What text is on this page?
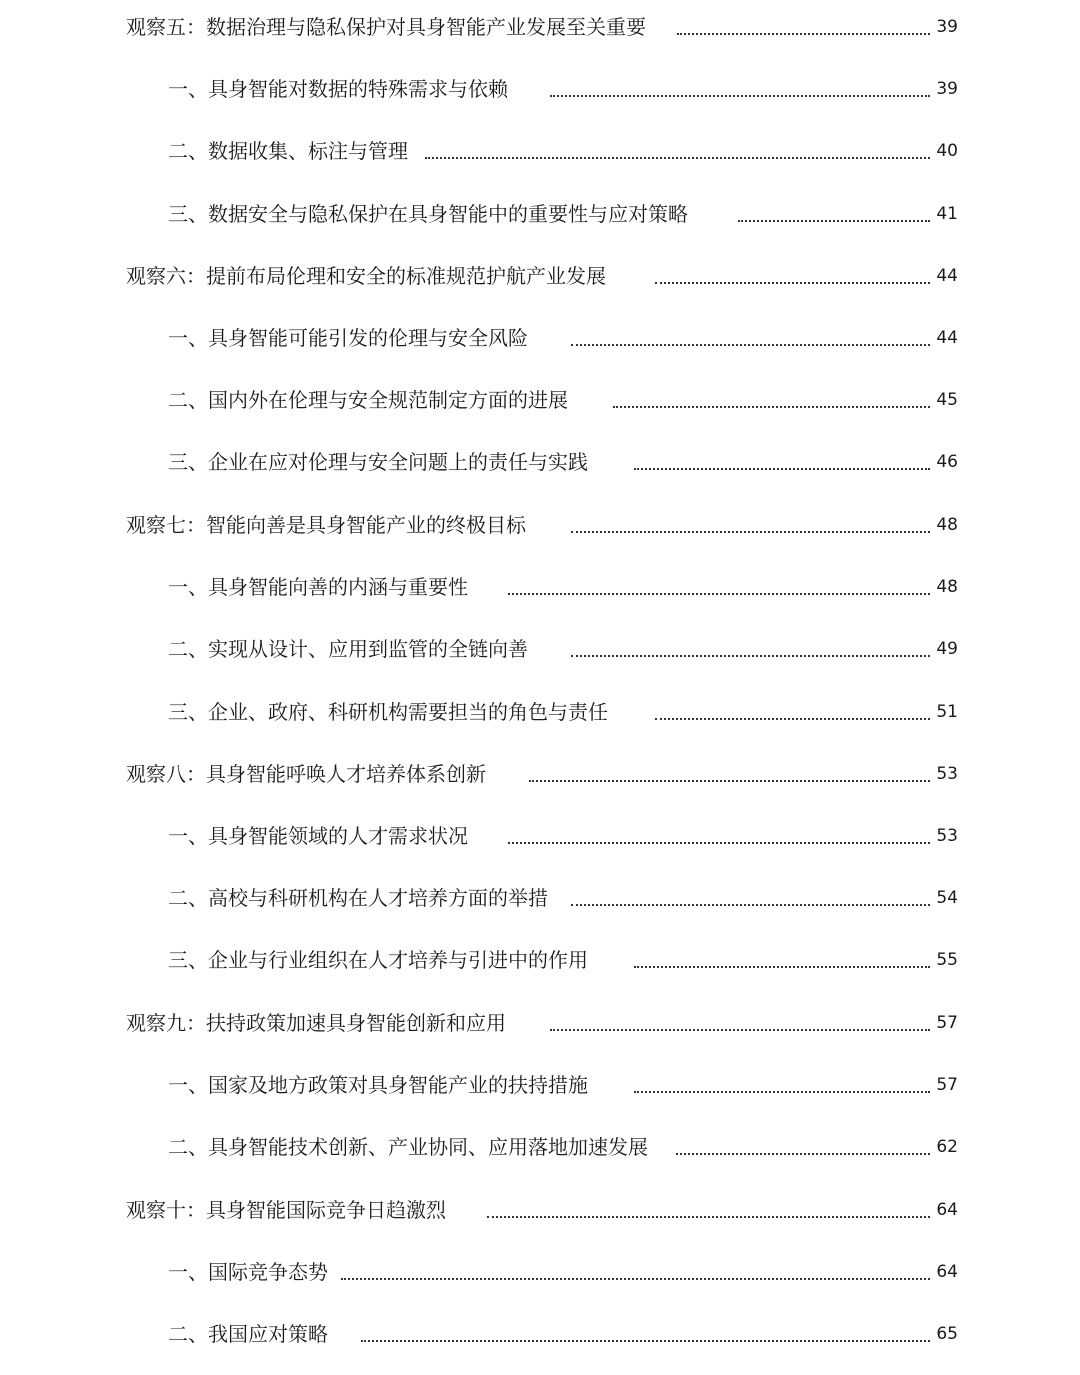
观察五：数据治理与隐私保护对具身智能产业发展至关重要	39
一、具身智能对数据的特殊需求与依赖	39
二、数据收集、标注与管理	40
三、数据安全与隐私保护在具身智能中的重要性与应对策略	41
观察六：提前布局伦理和安全的标准规范护航产业发展	44
一、具身智能可能引发的伦理与安全风险	44
二、国内外在伦理与安全规范制定方面的进展	45
三、企业在应对伦理与安全问题上的责任与实践	46
观察七：智能向善是具身智能产业的终极目标	48
一、具身智能向善的内涵与重要性	48
二、实现从设计、应用到监管的全链向善	49
三、企业、政府、科研机构需要担当的角色与责任	51
观察八：具身智能呼唤人才培养体系创新	53
一、具身智能领域的人才需求状况	53
二、高校与科研机构在人才培养方面的举措	54
三、企业与行业组织在人才培养与引进中的作用	55
观察九：扶持政策加速具身智能创新和应用	57
一、国家及地方政策对具身智能产业的扶持措施	57
二、具身智能技术创新、产业协同、应用落地加速发展	62
观察十：具身智能国际竞争日趋激烈	64
一、国际竞争态势	64
二、我国应对策略	65
